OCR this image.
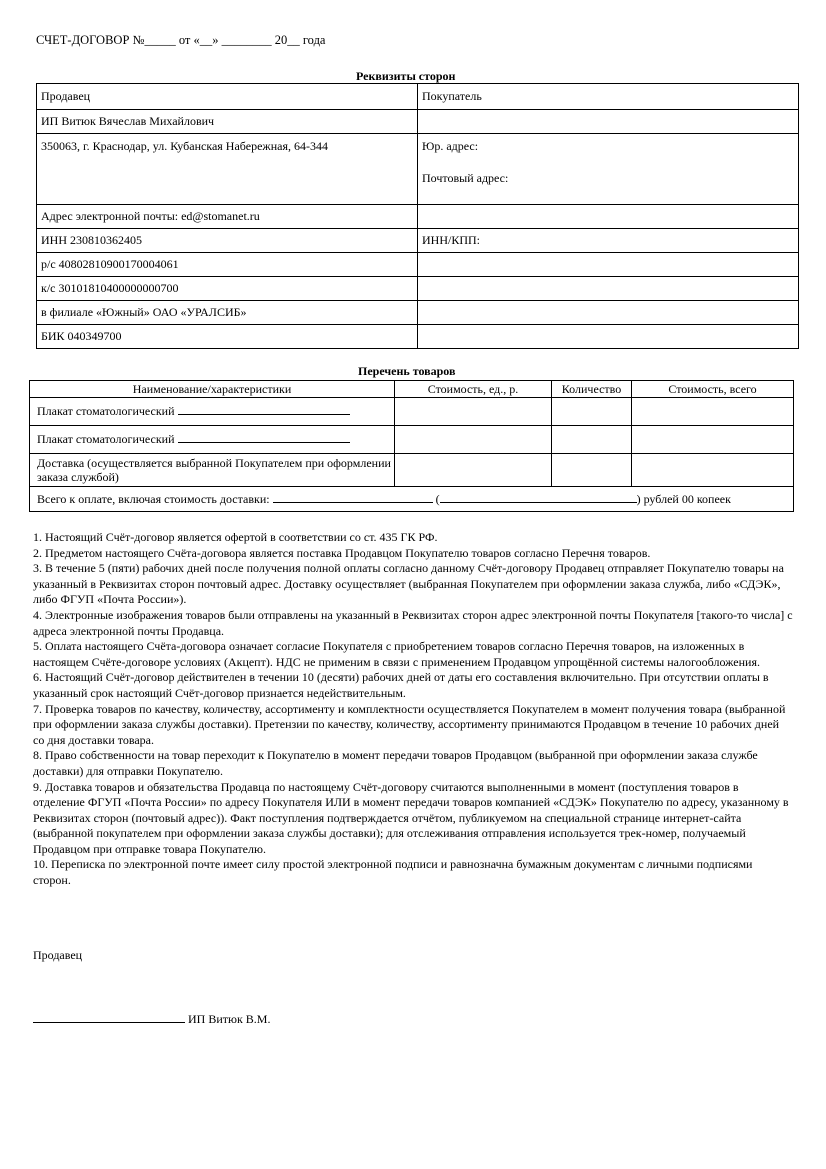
СЧЕТ-ДОГОВОР №_____ от «__» ________ 20__ года
Реквизиты сторон
Продавец	Покупатель
ИП Витюк Вячеслав Михайлович	
350063, г. Краснодар, ул. Кубанская Набережная, 64-344	Юр. адрес:
Почтовый адрес:

Адрес электронной почты: ed@stomanet.ru	
ИНН 230810362405	ИНН/КПП:
р/с 40802810900170004061	
к/с 30101810400000000700	
в филиале «Южный» ОАО «УРАЛСИБ»	
БИК 040349700	
Перечень товаров
Наименование/характеристики	Стоимость, ед., р.	Количество	Стоимость, всего
Плакат стоматологический			
Плакат стоматологический			
Доставка (осуществляется выбранной Покупателем при оформлении заказа службой)			
Всего к оплате, включая стоимость доставки: ( ) рублей 00 копеек			

1. Настоящий Счёт-договор является офертой в соответствии со ст. 435 ГК РФ.

2. Предметом настоящего Счёта-договора является поставка Продавцом Покупателю товаров согласно Перечня товаров.

3. В течение 5 (пяти) рабочих дней после получения полной оплаты согласно данному Счёт-договору Продавец отправляет Покупателю товары на указанный в Реквизитах сторон почтовый адрес. Доставку осуществляет (выбранная Покупателем при оформлении заказа служба, либо «СДЭК», либо ФГУП «Почта России»).

4. Электронные изображения товаров были отправлены на указанный в Реквизитах сторон адрес электронной почты Покупателя [такого-то числа] с адреса электронной почты Продавца.

5. Оплата настоящего Счёта-договора означает согласие Покупателя с приобретением товаров согласно Перечня товаров, на изложенных в настоящем Счёте-договоре условиях (Акцепт). НДС не применим в связи с применением Продавцом упрощённой системы налогообложения.

6. Настоящий Счёт-договор действителен в течении 10 (десяти) рабочих дней от даты его составления включительно. При отсутствии оплаты в указанный срок настоящий Счёт-договор признается недействительным.

7. Проверка товаров по качеству, количеству, ассортименту и комплектности осуществляется Покупателем в момент получения товара (выбранной при оформлении заказа службы доставки). Претензии по качеству, количеству, ассортименту принимаются Продавцом в течение 10 рабочих дней со дня доставки товара.

8. Право собственности на товар переходит к Покупателю в момент передачи товаров Продавцом (выбранной при оформлении заказа службе доставки) для отправки Покупателю.

9. Доставка товаров и обязательства Продавца по настоящему Счёт-договору считаются выполненными в момент (поступления товаров в отделение ФГУП «Почта России» по адресу Покупателя ИЛИ в момент передачи товаров компанией «СДЭК» Покупателю по адресу, указанному в Реквизитах сторон (почтовый адрес)). Факт поступления подтверждается отчётом, публикуемом на специальной странице интернет-сайта (выбранной покупателем при оформлении заказа службы доставки); для отслеживания отправления используется трек-номер, получаемый Продавцом при отправке товара Покупателю.

10. Переписка по электронной почте имеет силу простой электронной подписи и равнозначна бумажным документам с личными подписями сторон.

Продавец
ИП Витюк В.М.
